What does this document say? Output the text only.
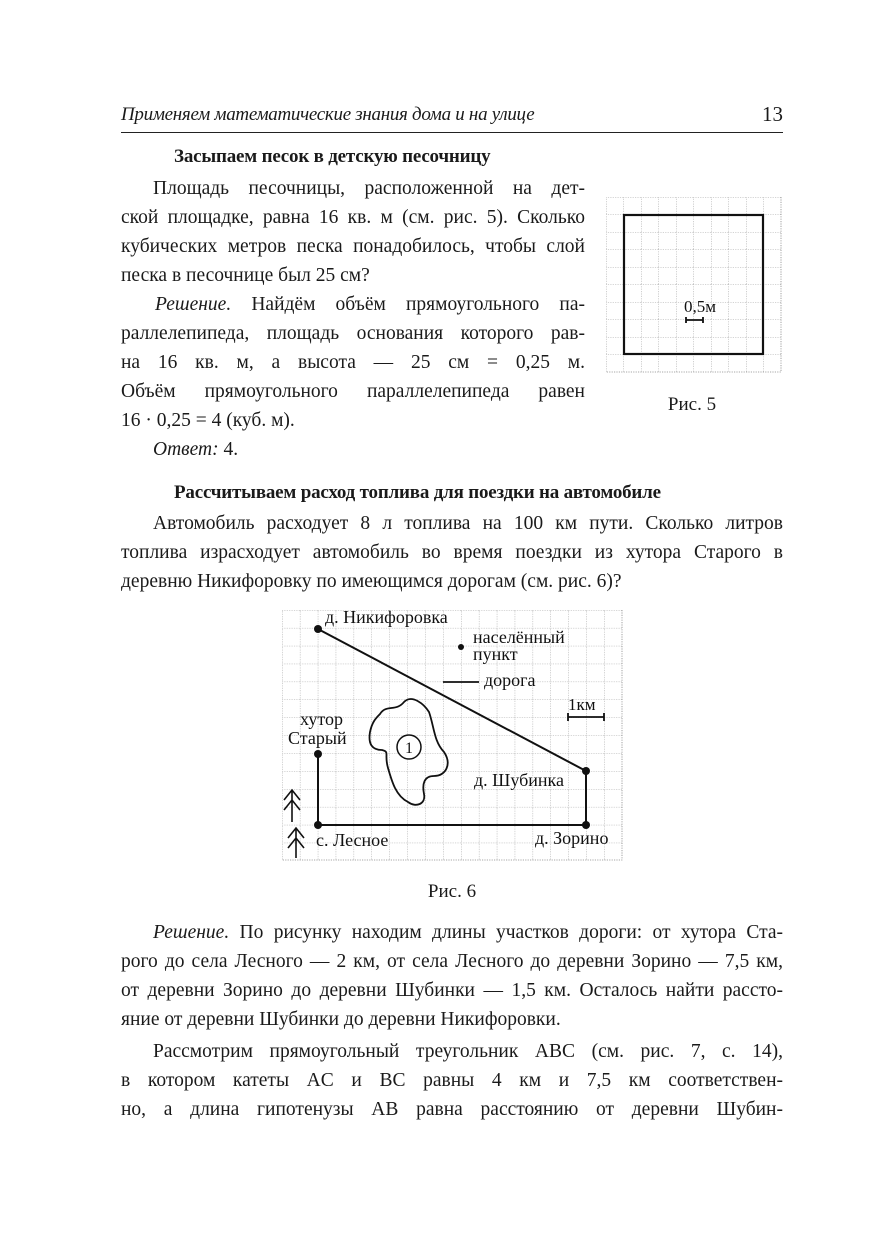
Применяем математические знания дома и на улице	13
Засыпаем песок в детскую песочницу
Площадь песочницы, расположенной на дет-
ской площадке, равна 16 кв. м (см. рис. 5). Сколько
кубических метров песка понадобилось, чтобы слой
песка в песочнице был 25 см?
Решение. Найдём объём прямоугольного па-
раллелепипеда, площадь основания которого рав-
на 16 кв. м, а высота — 25 см = 0,25 м.
Объём прямоугольного параллелепипеда равен
16 · 0,25 = 4 (куб. м).
Ответ: 4.
0,5м
Рис. 5
Рассчитываем расход топлива для поездки на автомобиле
Автомобиль расходует 8 л топлива на 100 км пути. Сколько литров
топлива израсходует автомобиль во время поездки из хутора Старого в
деревню Никифоровку по имеющимся дорогам (см. рис. 6)?
1
д. Никифоровка
населённый
пункт
дорога
1км
хутор
Старый
д. Шубинка
с. Лесное	д. Зорино
Рис. 6
Решение. По рисунку находим длины участков дороги: от хутора Ста-
рого до села Лесного — 2 км, от села Лесного до деревни Зорино — 7,5 км,
от деревни Зорино до деревни Шубинки — 1,5 км. Осталось найти рассто-
яние от деревни Шубинки до деревни Никифоровки.
Рассмотрим прямоугольный треугольник ABC (см. рис. 7, с. 14),
в котором катеты AC и BC равны 4 км и 7,5 км соответствен-
но, а длина гипотенузы AB равна расстоянию от деревни Шубин-
